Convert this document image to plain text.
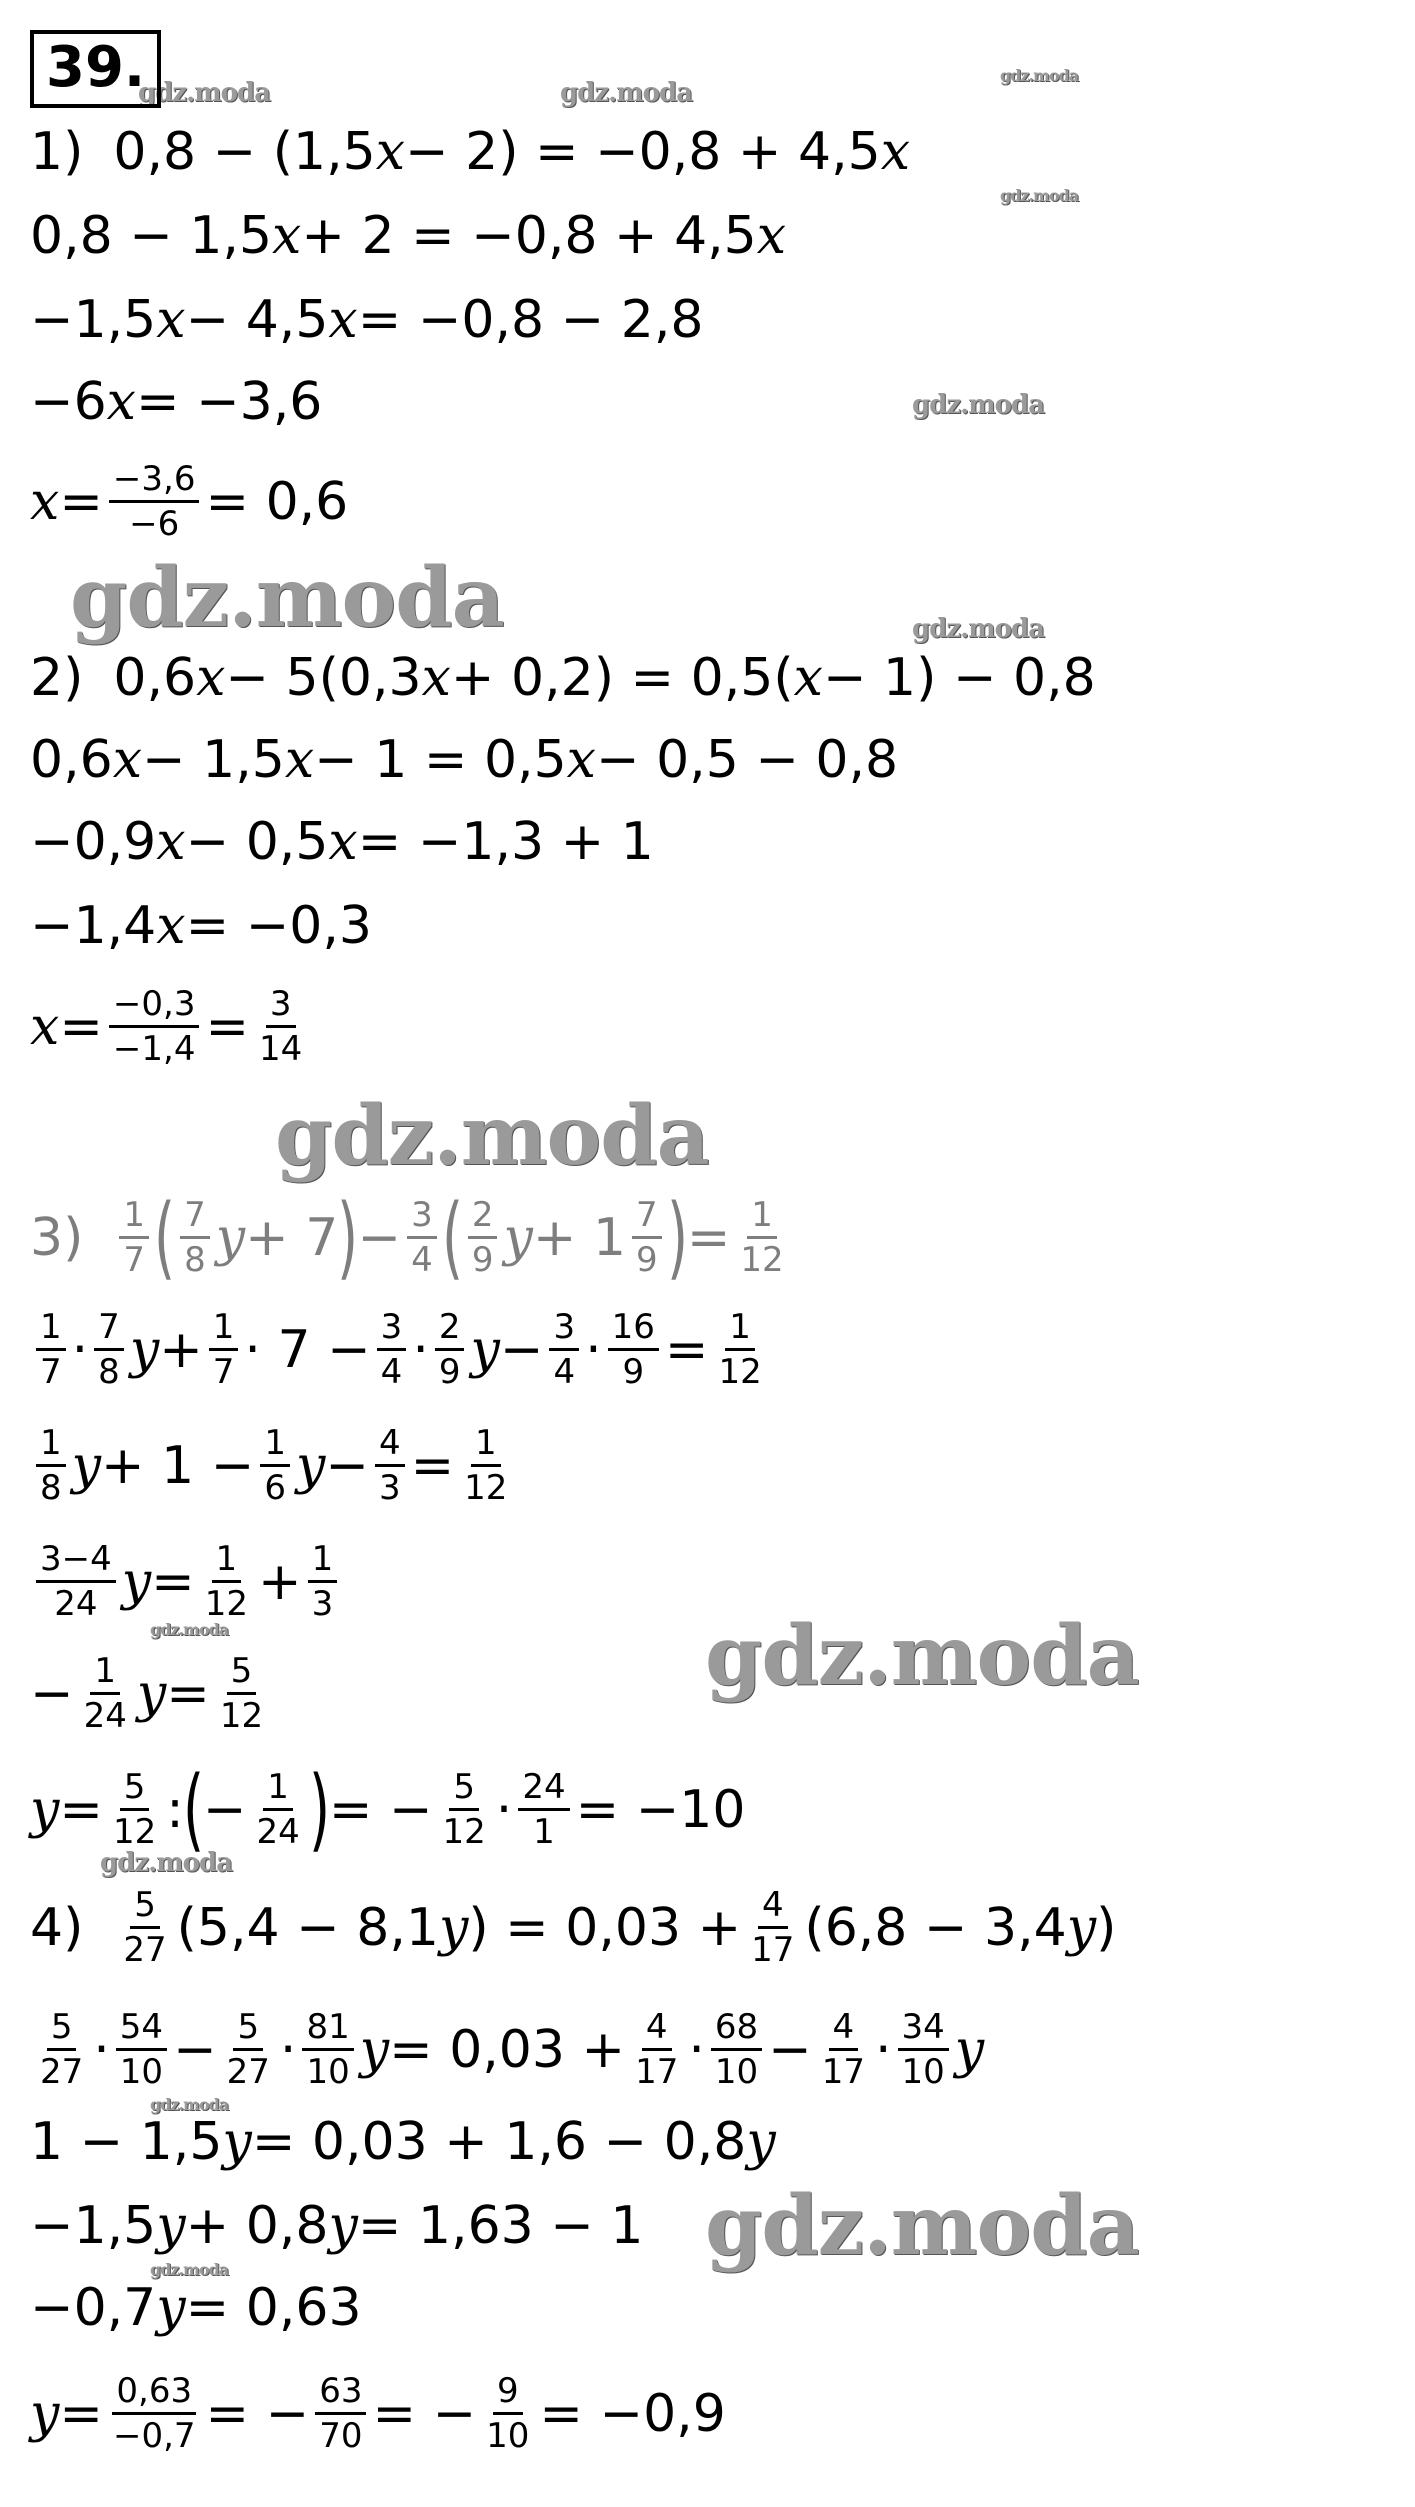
gdz.moda	gdz.moda
gdz.moda
gdz.moda
gdz.moda
gdz.moda	gdz.moda
gdz.moda
gdz.moda
gdz.moda
gdz.moda
gdz.moda
gdz.moda
gdz.moda
39.
1) 0,8 − (1,5 x − 2) = −0,8 + 4,5 x
0,8 − 1,5 x + 2 = −0,8 + 4,5 x
−1,5 x − 4,5 x = −0,8 − 2,8
−6 x = −3,6
$x = \frac{-3,6}{-6} = 0,6$
2) 0,6 x − 5(0,3 x + 0,2) = 0,5( x − 1) − 0,8
0,6 x − 1,5 x − 1 = 0,5 x − 0,5 − 0,8
−0,9 x − 0,5 x = −1,3 + 1
−1,4 x = −0,3
$x = \frac{-0,3}{-1,4} = \frac{3}{14}$
$3) \frac{1}{7}$ ( $\frac{7}{8}$ y + 7 ) − $\frac{3}{4}$ ( $\frac{2}{9}$ $y + 1 \frac{7}{9}$ ) = $\frac{1}{12}$
$\frac{1}{7} \cdot \frac{7}{8}$ $y + \frac{1}{7} \cdot 7 - \frac{3}{4} \cdot \frac{2}{9}$ $y - \frac{3}{4} \cdot \frac{16}{9} = \frac{1}{12}$
$\frac{1}{8}$ $y + 1 - \frac{1}{6}$ $y - \frac{4}{3} = \frac{1}{12}$
$\frac{3-4}{24}$ $y = \frac{1}{12} + \frac{1}{3}$
− $\frac{1}{24}$ $y = \frac{5}{12}$
$y = \frac{5}{12}$ : ( − $\frac{1}{24}$ ) = − $\frac{5}{12} \cdot \frac{24}{1} = -10$
$4) \frac{5}{27} (5,4 - 8,1$ y ) = $0,03 + \frac{4}{17} (6,8 - 3,4$ y )
$\frac{5}{27} \cdot \frac{54}{10} - \frac{5}{27} \cdot \frac{81}{10}$ $y = 0,03 + \frac{4}{17} \cdot \frac{68}{10} - \frac{4}{17} \cdot \frac{34}{10}$ y
1 − 1,5 y = 0,03 + 1,6 − 0,8 y
−1,5 y + 0,8 y = 1,63 − 1
−0,7 y = 0,63
$y = \frac{0,63}{-0,7}$ = − $\frac{63}{70}$ = − $\frac{9}{10} = -0,9$
